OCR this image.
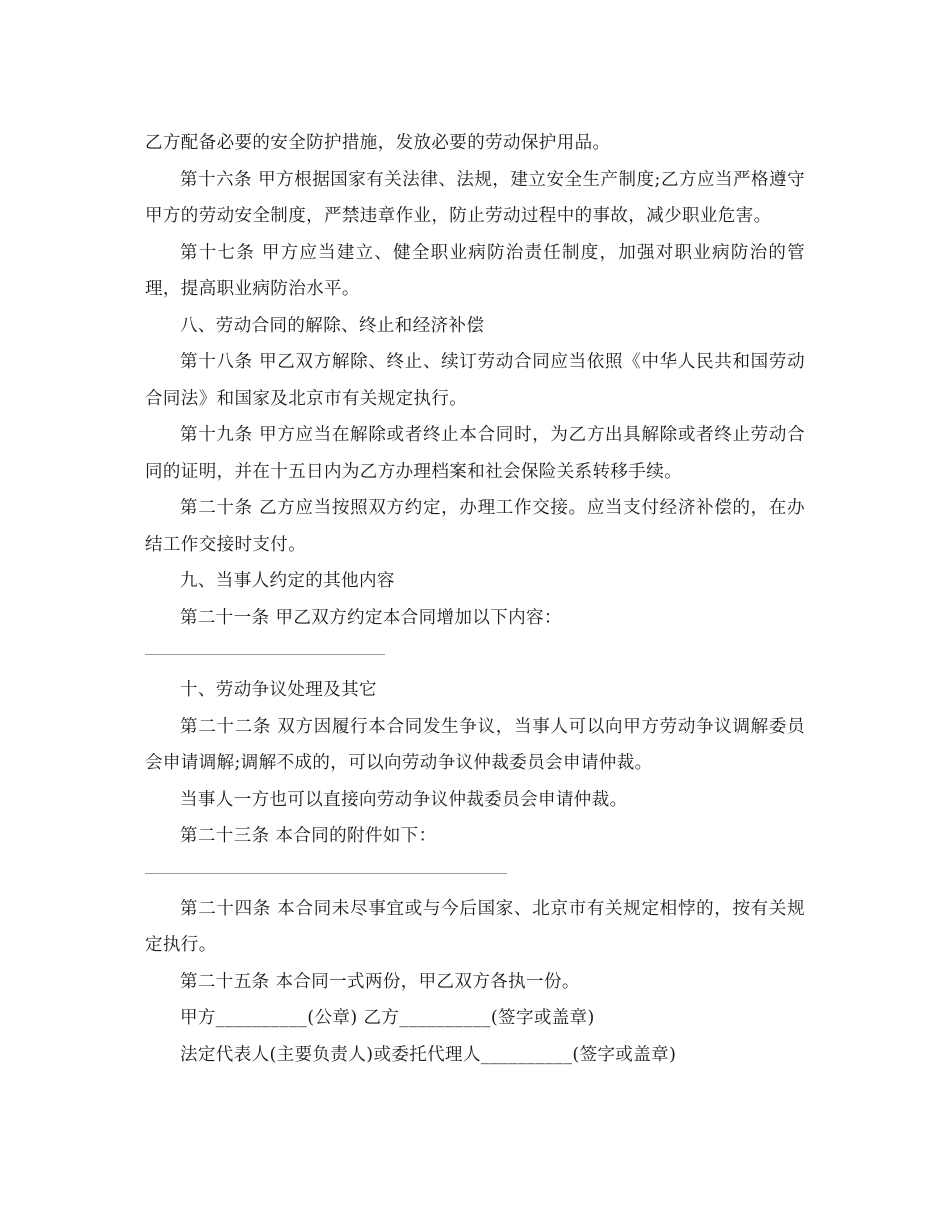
乙方配备必要的安全防护措施，发放必要的劳动保护用品。

第十六条 甲方根据国家有关法律、法规，建立安全生产制度;乙方应当严格遵守甲方的劳动安全制度，严禁违章作业，防止劳动过程中的事故，减少职业危害。

第十七条 甲方应当建立、健全职业病防治责任制度，加强对职业病防治的管理，提高职业病防治水平。

八、劳动合同的解除、终止和经济补偿

第十八条 甲乙双方解除、终止、续订劳动合同应当依照《中华人民共和国劳动合同法》和国家及北京市有关规定执行。

第十九条 甲方应当在解除或者终止本合同时，为乙方出具解除或者终止劳动合同的证明，并在十五日内为乙方办理档案和社会保险关系转移手续。

第二十条 乙方应当按照双方约定，办理工作交接。应当支付经济补偿的，在办结工作交接时支付。

九、当事人约定的其他内容

第二十一条 甲乙双方约定本合同增加以下内容：

十、劳动争议处理及其它

第二十二条 双方因履行本合同发生争议，当事人可以向甲方劳动争议调解委员会申请调解;调解不成的，可以向劳动争议仲裁委员会申请仲裁。

当事人一方也可以直接向劳动争议仲裁委员会申请仲裁。

第二十三条 本合同的附件如下：

第二十四条 本合同未尽事宜或与今后国家、北京市有关规定相悖的，按有关规定执行。

第二十五条 本合同一式两份，甲乙双方各执一份。

甲方__________(公章) 乙方__________(签字或盖章)

法定代表人(主要负责人)或委托代理人__________(签字或盖章)
